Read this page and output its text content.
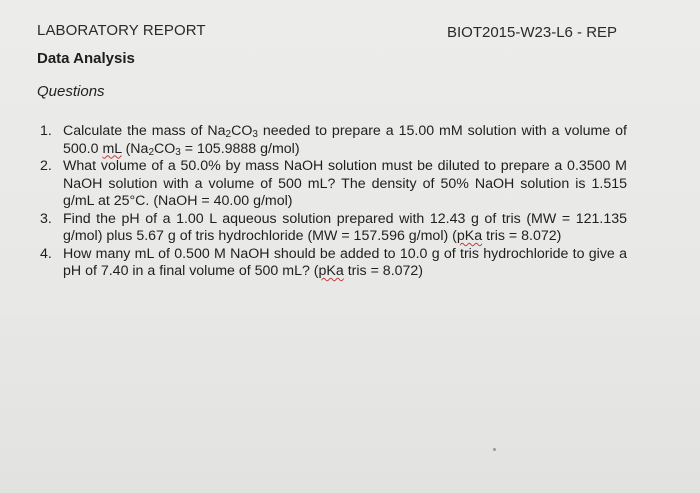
LABORATORY REPORT	BIOT2015-W23-L6 - REP
Data Analysis
Questions
1. Calculate the mass of $Na_2CO_3$ needed to prepare a 15.00 mM solution with a volume of 500.0 mL ($Na_2CO_3 = 105.9888$ g/mol)
2. What volume of a 50.0% by mass NaOH solution must be diluted to prepare a 0.3500 M NaOH solution with a volume of 500 mL? The density of 50% NaOH solution is 1.515 g/mL at 25°C. (NaOH = 40.00 g/mol)
3. Find the pH of a 1.00 L aqueous solution prepared with 12.43 g of tris (MW = 121.135 g/mol) plus 5.67 g of tris hydrochloride (MW = 157.596 g/mol) (pKa tris = 8.072)
4. How many mL of 0.500 M NaOH should be added to 10.0 g of tris hydrochloride to give a pH of 7.40 in a final volume of 500 mL? (pKa tris = 8.072)
